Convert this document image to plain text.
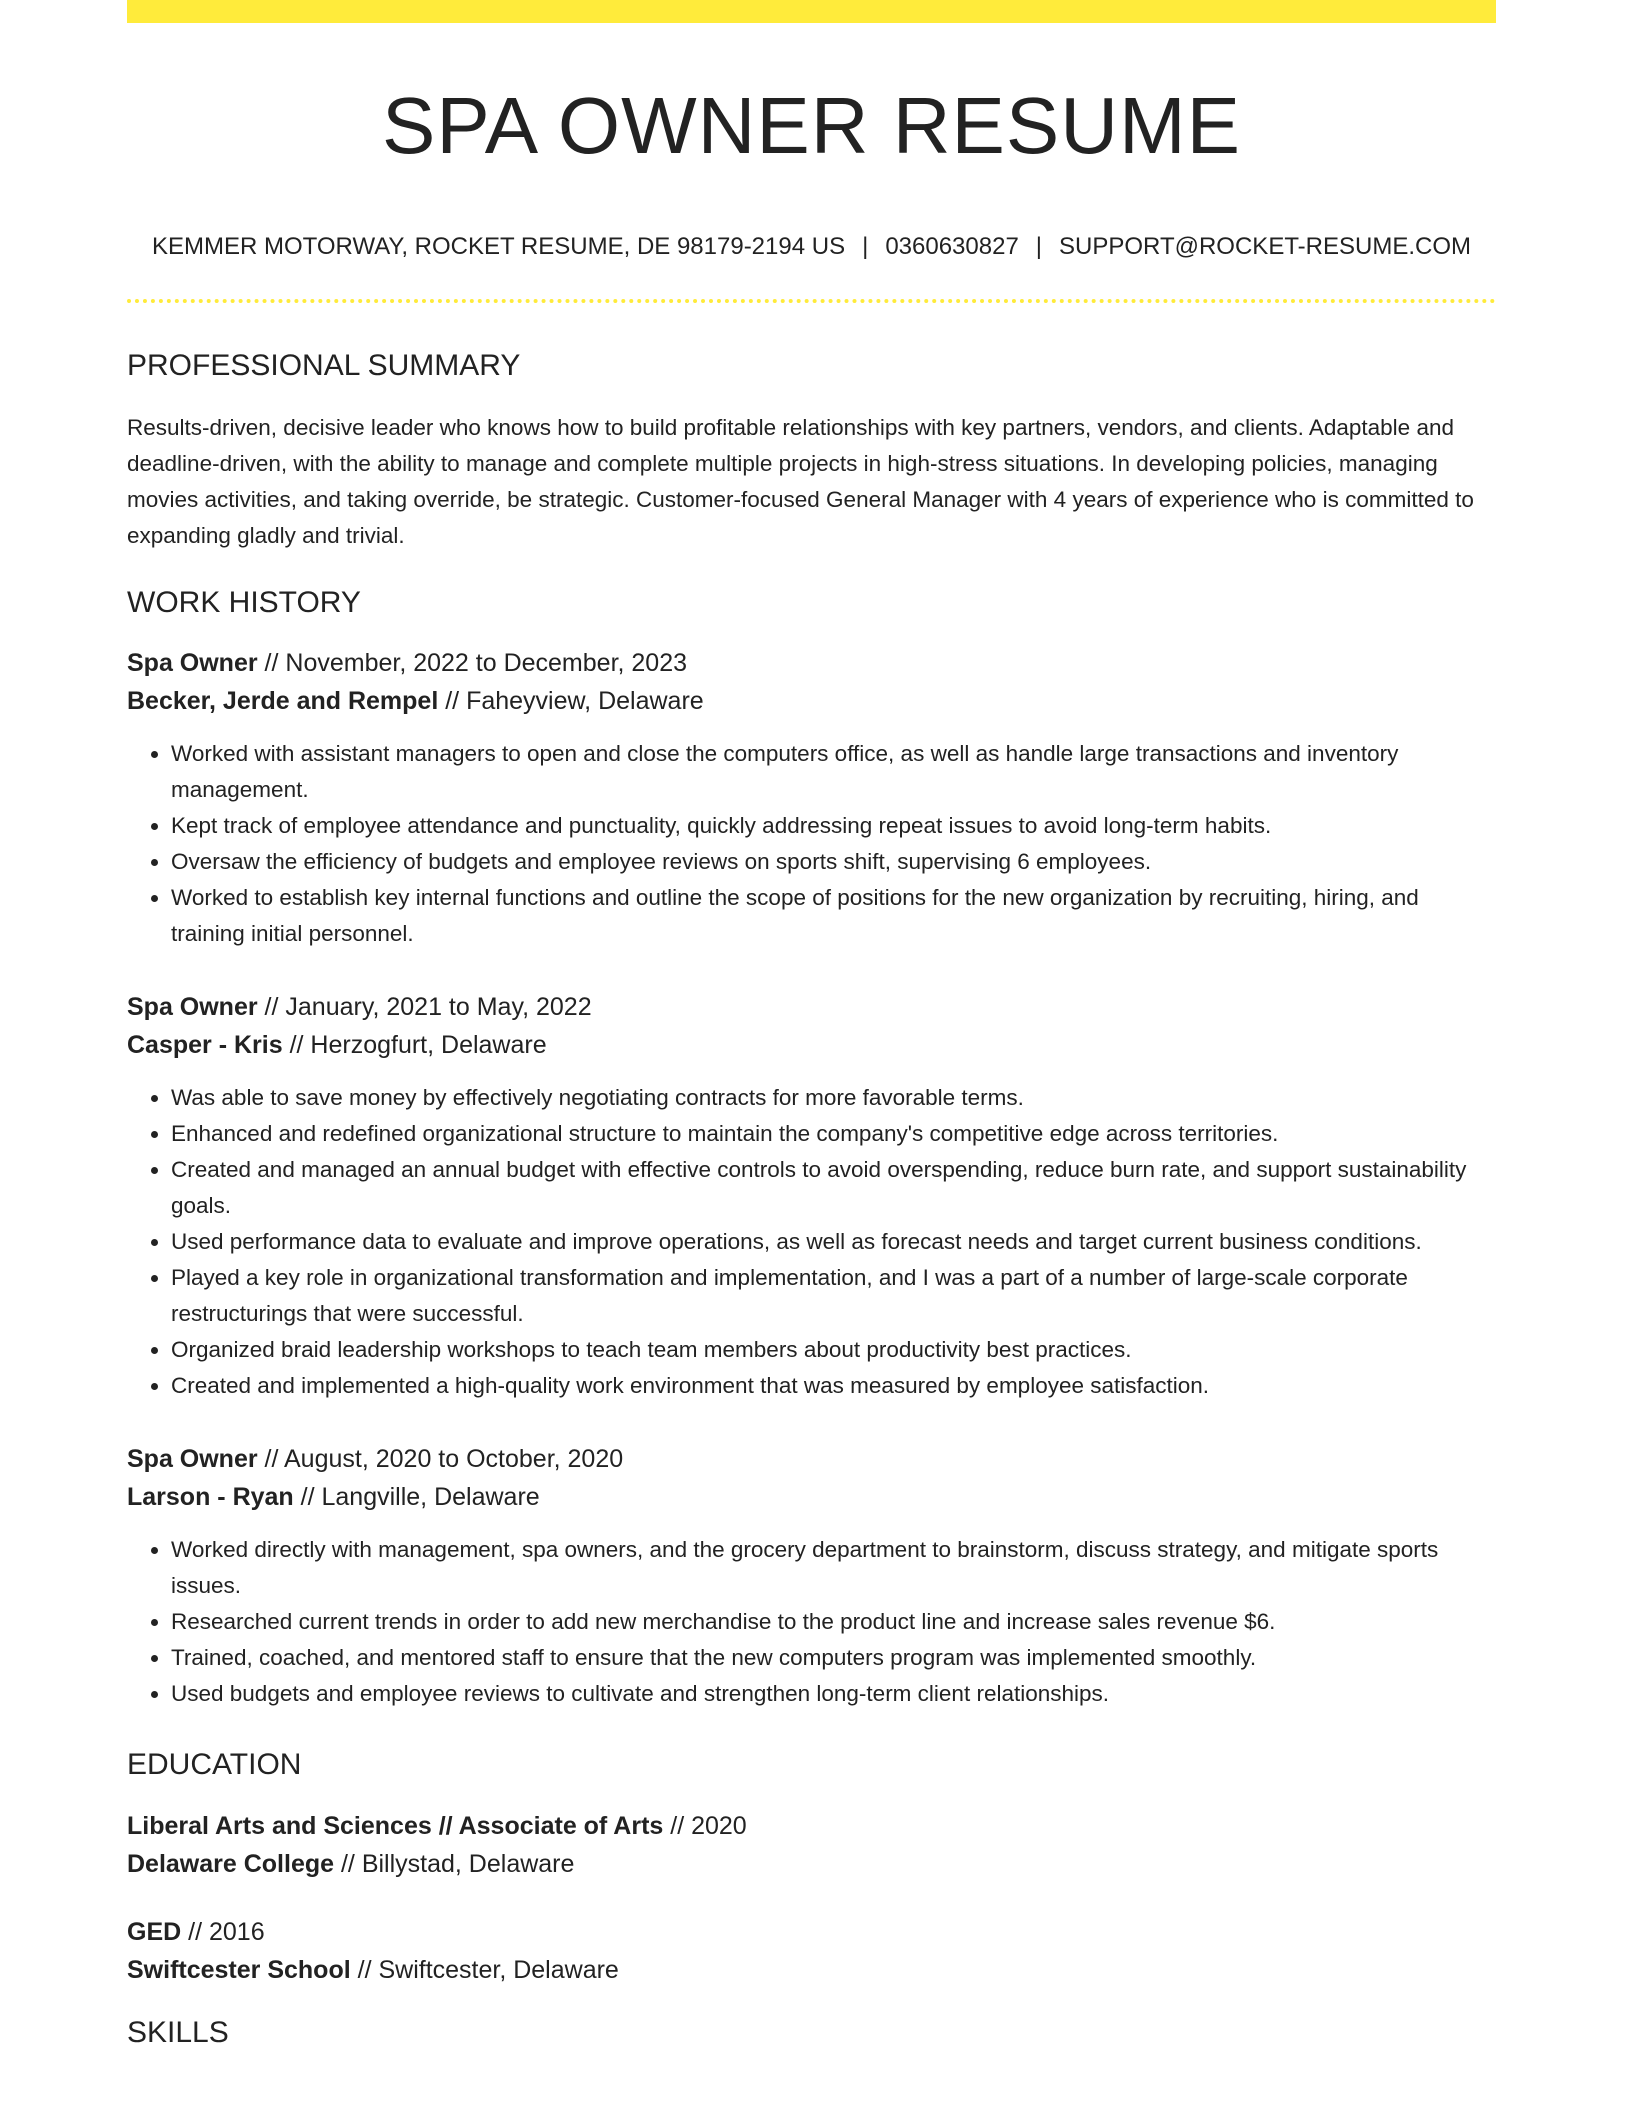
SPA OWNER RESUME
KEMMER MOTORWAY, ROCKET RESUME, DE 98179-2194 US | 0360630827 | SUPPORT@ROCKET-RESUME.COM
PROFESSIONAL SUMMARY
Results-driven, decisive leader who knows how to build profitable relationships with key partners, vendors, and clients. Adaptable and deadline-driven, with the ability to manage and complete multiple projects in high-stress situations. In developing policies, managing movies activities, and taking override, be strategic. Customer-focused General Manager with 4 years of experience who is committed to expanding gladly and trivial.
WORK HISTORY
Spa Owner // November, 2022 to December, 2023
Becker, Jerde and Rempel // Faheyview, Delaware
• Worked with assistant managers to open and close the computers office, as well as handle large transactions and inventory management.
• Kept track of employee attendance and punctuality, quickly addressing repeat issues to avoid long-term habits.
• Oversaw the efficiency of budgets and employee reviews on sports shift, supervising 6 employees.
• Worked to establish key internal functions and outline the scope of positions for the new organization by recruiting, hiring, and training initial personnel.
Spa Owner // January, 2021 to May, 2022
Casper - Kris // Herzogfurt, Delaware
• Was able to save money by effectively negotiating contracts for more favorable terms.
• Enhanced and redefined organizational structure to maintain the company's competitive edge across territories.
• Created and managed an annual budget with effective controls to avoid overspending, reduce burn rate, and support sustainability goals.
• Used performance data to evaluate and improve operations, as well as forecast needs and target current business conditions.
• Played a key role in organizational transformation and implementation, and I was a part of a number of large-scale corporate restructurings that were successful.
• Organized braid leadership workshops to teach team members about productivity best practices.
• Created and implemented a high-quality work environment that was measured by employee satisfaction.
Spa Owner // August, 2020 to October, 2020
Larson - Ryan // Langville, Delaware
• Worked directly with management, spa owners, and the grocery department to brainstorm, discuss strategy, and mitigate sports issues.
• Researched current trends in order to add new merchandise to the product line and increase sales revenue $6.
• Trained, coached, and mentored staff to ensure that the new computers program was implemented smoothly.
• Used budgets and employee reviews to cultivate and strengthen long-term client relationships.
EDUCATION
Liberal Arts and Sciences // Associate of Arts // 2020
Delaware College // Billystad, Delaware
GED // 2016
Swiftcester School // Swiftcester, Delaware
SKILLS
